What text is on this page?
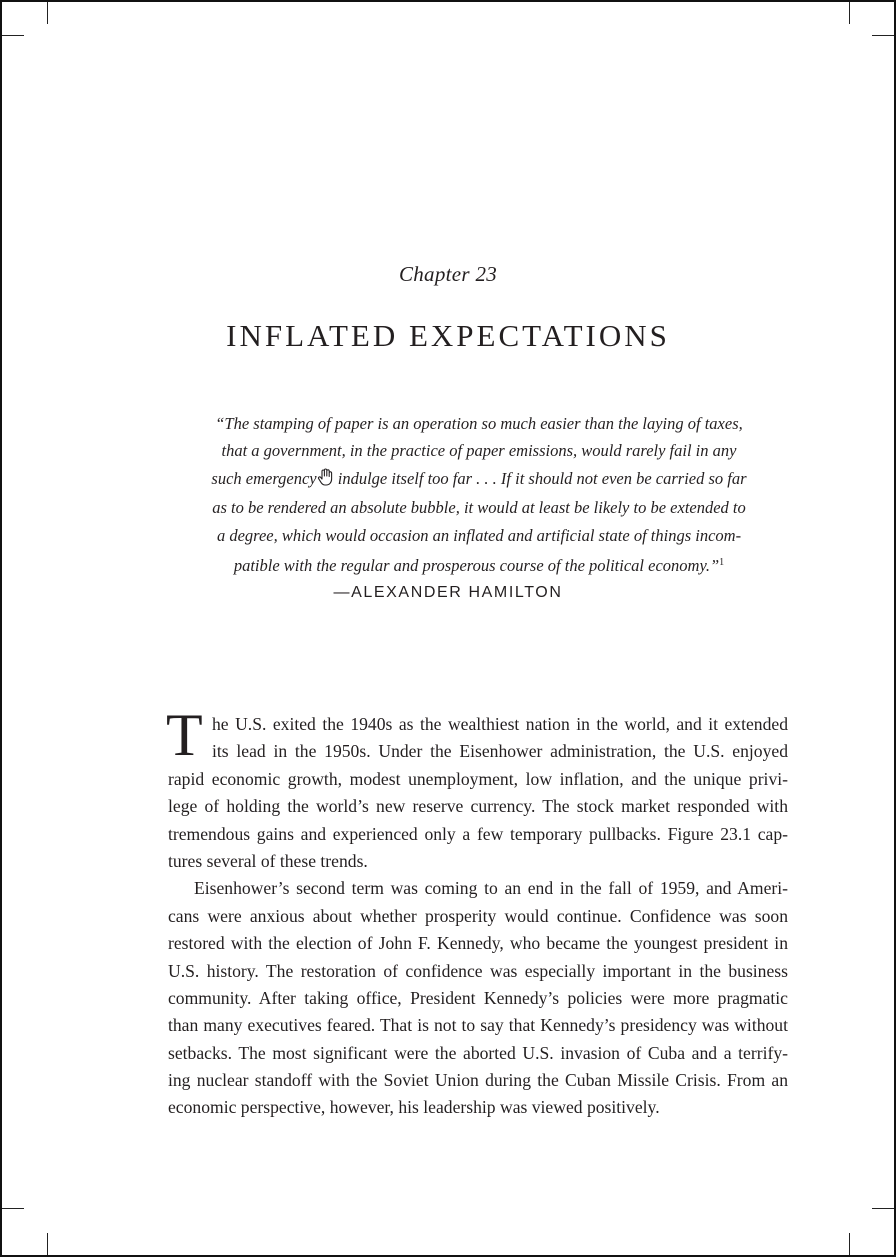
Chapter 23
INFLATED EXPECTATIONS
“The stamping of paper is an operation so much easier than the laying of taxes,
that a government, in the practice of paper emissions, would rarely fail in any
such emergency indulge itself too far . . . If it should not even be carried so far
as to be rendered an absolute bubble, it would at least be likely to be extended to
a degree, which would occasion an inflated and artificial state of things incom-
patible with the regular and prosperous course of the political economy.”$^1$
—ALEXANDER HAMILTON
T he U.S. exited the 1940s as the wealthiest nation in the world, and it extended
its lead in the 1950s. Under the Eisenhower administration, the U.S. enjoyed
rapid economic growth, modest unemployment, low inflation, and the unique privi-
lege of holding the world’s new reserve currency. The stock market responded with
tremendous gains and experienced only a few temporary pullbacks. Figure 23.1 cap-
tures several of these trends.
Eisenhower’s second term was coming to an end in the fall of 1959, and Ameri-
cans were anxious about whether prosperity would continue. Confidence was soon
restored with the election of John F. Kennedy, who became the youngest president in
U.S. history. The restoration of confidence was especially important in the business
community. After taking office, President Kennedy’s policies were more pragmatic
than many executives feared. That is not to say that Kennedy’s presidency was without
setbacks. The most significant were the aborted U.S. invasion of Cuba and a terrify-
ing nuclear standoff with the Soviet Union during the Cuban Missile Crisis. From an
economic perspective, however, his leadership was viewed positively.
